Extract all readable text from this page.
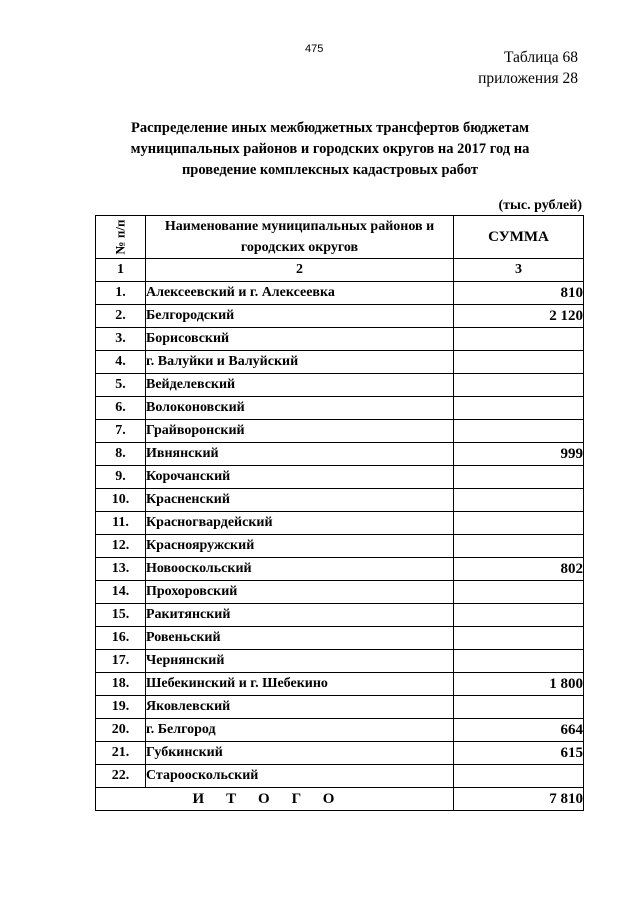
475	Таблица 68
приложения 28
Распределение иных межбюджетных трансфертов бюджетам
муниципальных районов и городских округов на 2017 год на
проведение комплексных кадастровых работ
(тыс. рублей)
№ п/п	Наименование муниципальных районов и городских округов	СУММА
1	2	3
1.	Алексеевский и г. Алексеевка	810
2.	Белгородский	2 120
3.	Борисовский	
4.	г. Валуйки и Валуйский	
5.	Вейделевский	
6.	Волоконовский	
7.	Грайворонский	
8.	Ивнянский	999
9.	Корочанский	
10.	Красненский	
11.	Красногвардейский	
12.	Краснояружский	
13.	Новооскольский	802
14.	Прохоровский	
15.	Ракитянский	
16.	Ровеньский	
17.	Чернянский	
18.	Шебекинский и г. Шебекино	1 800
19.	Яковлевский	
20.	г. Белгород	664
21.	Губкинский	615
22.	Старооскольский	
ИТОГО		7 810
